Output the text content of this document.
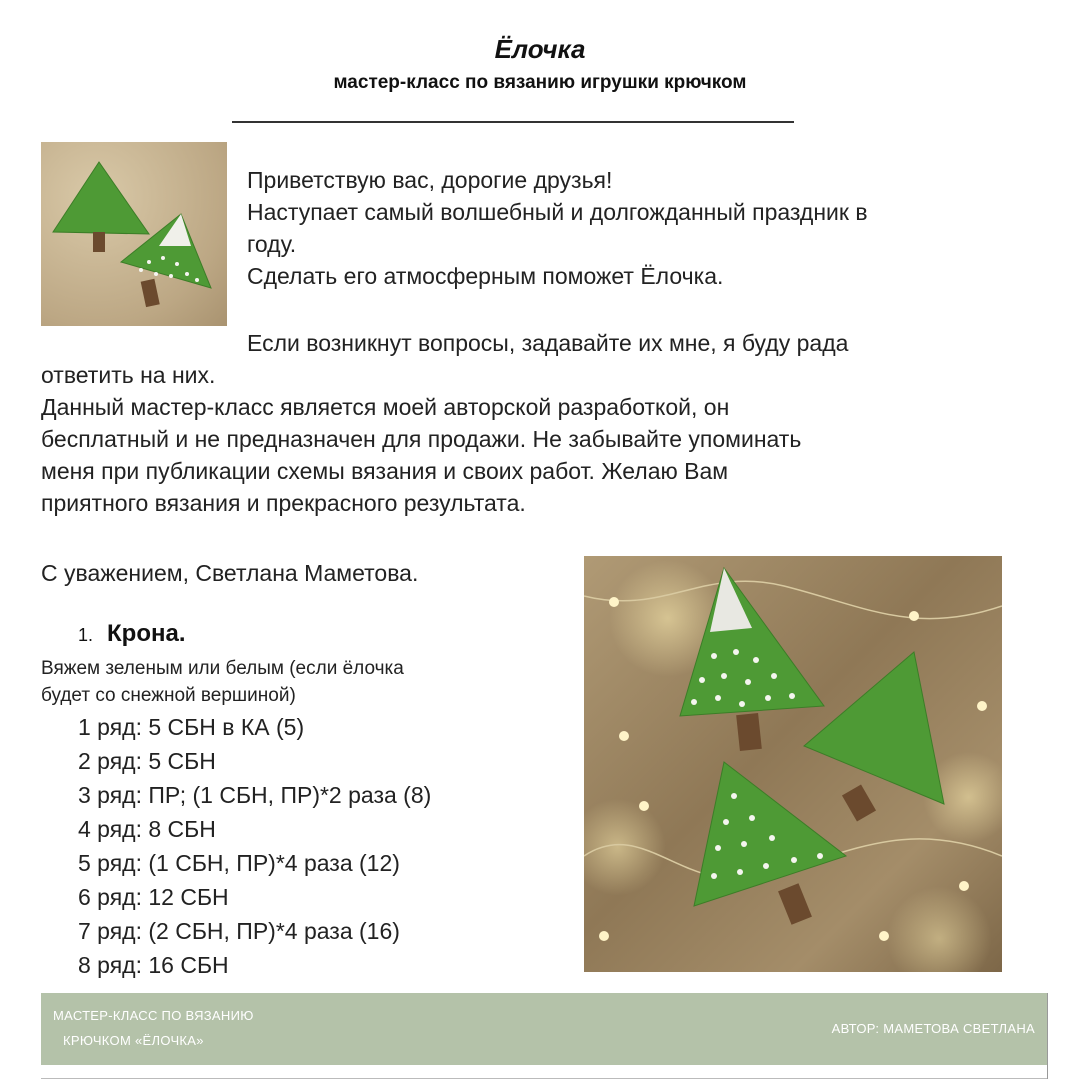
Ёлочка
мастер-класс по вязанию игрушки крючком
Приветствую вас, дорогие друзья!
Наступает самый волшебный и долгожданный праздник в
году.
Сделать его атмосферным поможет Ёлочка.
Если возникнут вопросы, задавайте их мне, я буду рада
ответить на них.
Данный мастер-класс является моей авторской разработкой, он
бесплатный и не предназначен для продажи. Не забывайте упоминать
меня при публикации схемы вязания и своих работ. Желаю Вам
приятного вязания и прекрасного результата.
С уважением, Светлана Маметова.
1. Крона.
Вяжем зеленым или белым (если ёлочка
будет со снежной вершиной)
1 ряд: 5 СБН в КА (5)
2 ряд: 5 СБН
3 ряд: ПР; (1 СБН, ПР)*2 раза (8)
4 ряд: 8 СБН
5 ряд: (1 СБН, ПР)*4 раза (12)
6 ряд: 12 СБН
7 ряд: (2 СБН, ПР)*4 раза (16)
8 ряд: 16 СБН
МАСТЕР-КЛАСС ПО ВЯЗАНИЮ
КРЮЧКОМ «ЁЛОЧКА»
АВТОР: МАМЕТОВА СВЕТЛАНА
